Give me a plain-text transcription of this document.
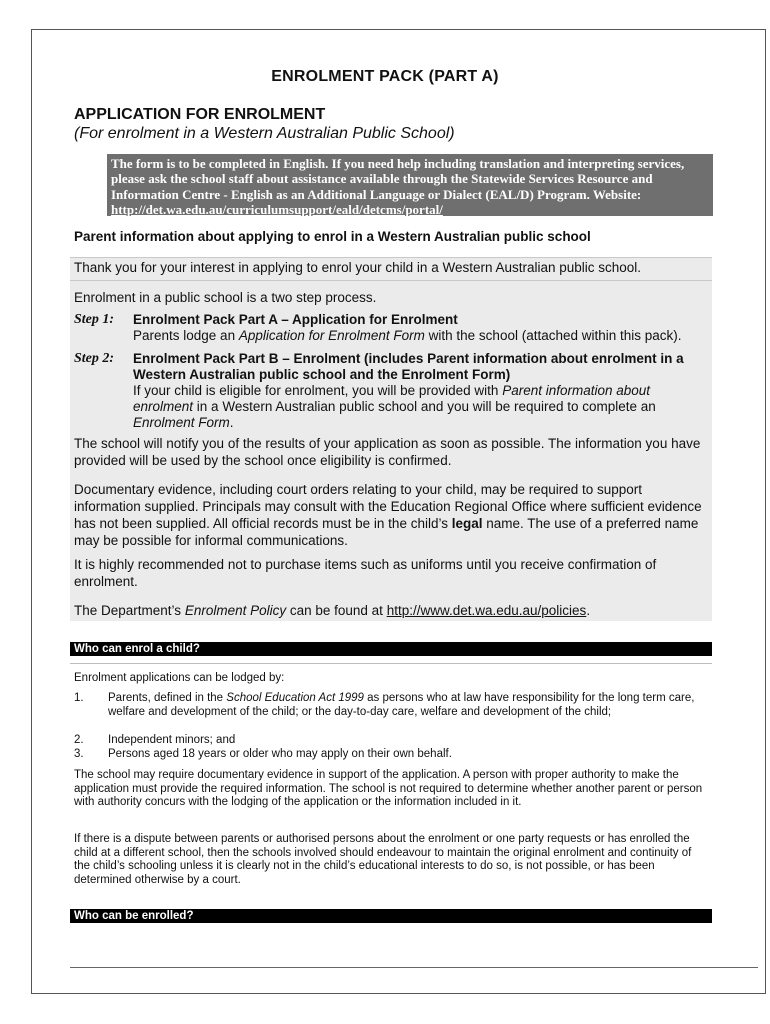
ENROLMENT PACK (PART A)
APPLICATION FOR ENROLMENT
(For enrolment in a Western Australian Public School)
The form is to be completed in English. If you need help including translation and interpreting services, please ask the school staff about assistance available through the Statewide Services Resource and Information Centre - English as an Additional Language or Dialect (EAL/D) Program. Website: http://det.wa.edu.au/curriculumsupport/eald/detcms/portal/
Parent information about applying to enrol in a Western Australian public school
Thank you for your interest in applying to enrol your child in a Western Australian public school.
Enrolment in a public school is a two step process.
Step 1: Enrolment Pack Part A – Application for Enrolment
Parents lodge an Application for Enrolment Form with the school (attached within this pack).
Step 2: Enrolment Pack Part B – Enrolment (includes Parent information about enrolment in a Western Australian public school and the Enrolment Form)
If your child is eligible for enrolment, you will be provided with Parent information about enrolment in a Western Australian public school and you will be required to complete an Enrolment Form.
The school will notify you of the results of your application as soon as possible. The information you have provided will be used by the school once eligibility is confirmed.
Documentary evidence, including court orders relating to your child, may be required to support information supplied. Principals may consult with the Education Regional Office where sufficient evidence has not been supplied. All official records must be in the child’s legal name. The use of a preferred name may be possible for informal communications.
It is highly recommended not to purchase items such as uniforms until you receive confirmation of enrolment.
The Department’s Enrolment Policy can be found at http://www.det.wa.edu.au/policies.
Who can enrol a child?
Enrolment applications can be lodged by:
1. Parents, defined in the School Education Act 1999 as persons who at law have responsibility for the long term care, welfare and development of the child; or the day-to-day care, welfare and development of the child;
2. Independent minors; and
3. Persons aged 18 years or older who may apply on their own behalf.
The school may require documentary evidence in support of the application. A person with proper authority to make the application must provide the required information. The school is not required to determine whether another parent or person with authority concurs with the lodging of the application or the information included in it.
If there is a dispute between parents or authorised persons about the enrolment or one party requests or has enrolled the child at a different school, then the schools involved should endeavour to maintain the original enrolment and continuity of the child’s schooling unless it is clearly not in the child’s educational interests to do so, is not possible, or has been determined otherwise by a court.
Who can be enrolled?
